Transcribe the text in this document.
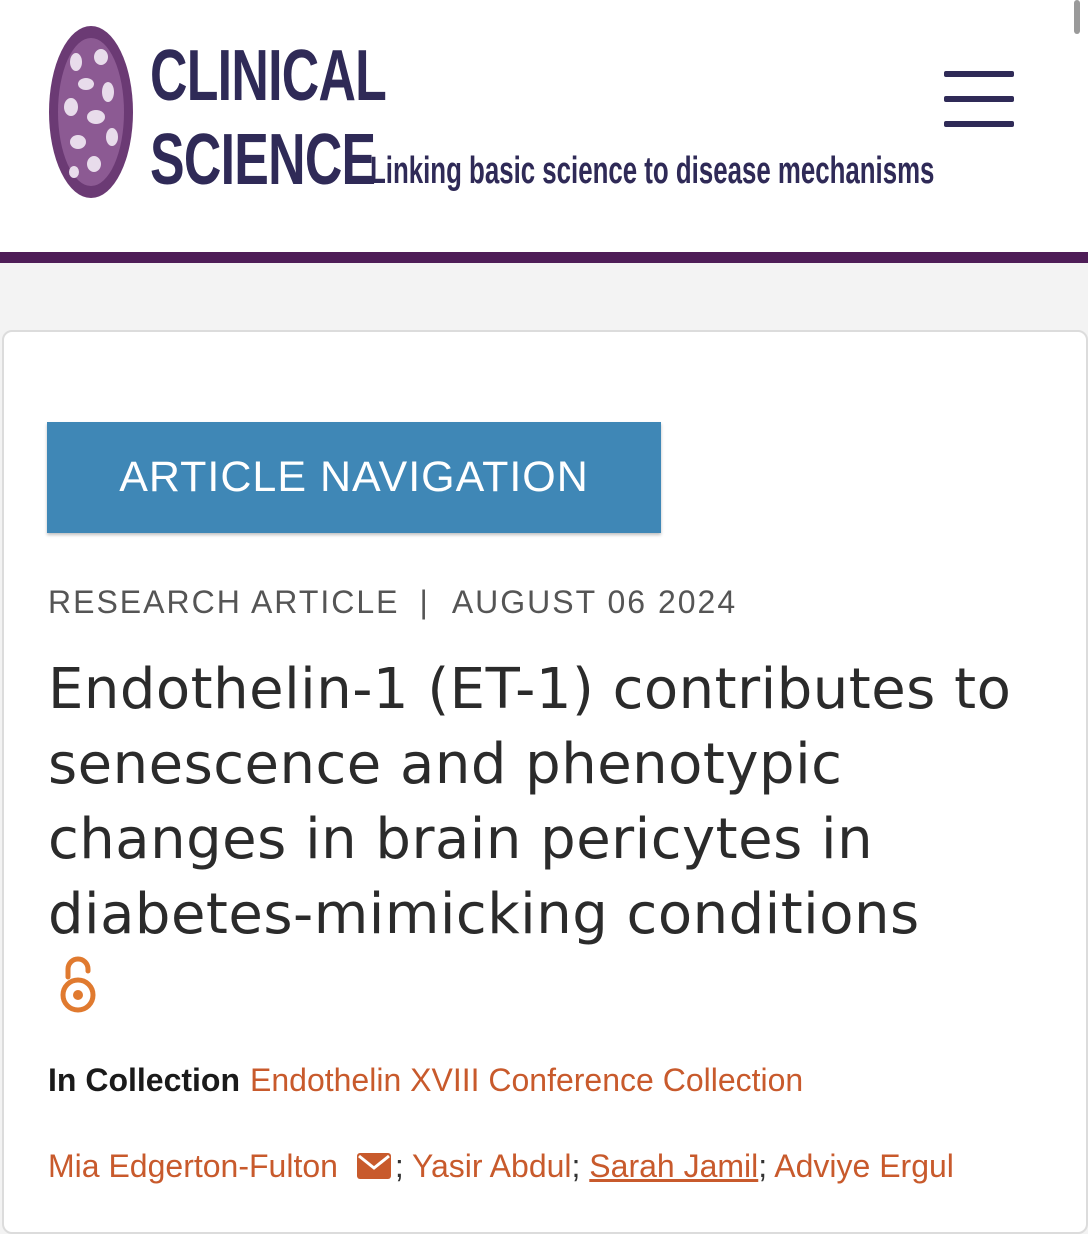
CLINICAL
SCIENCE
Linking basic science to disease mechanisms
ARTICLE NAVIGATION
RESEARCH ARTICLE | AUGUST 06 2024
Endothelin-1 (ET-1) contributes to senescence and phenotypic changes in brain pericytes in diabetes-mimicking conditions
In Collection Endothelin XVIII Conference Collection
Mia Edgerton-Fulton ; Yasir Abdul; Sarah Jamil; Adviye Ergul
